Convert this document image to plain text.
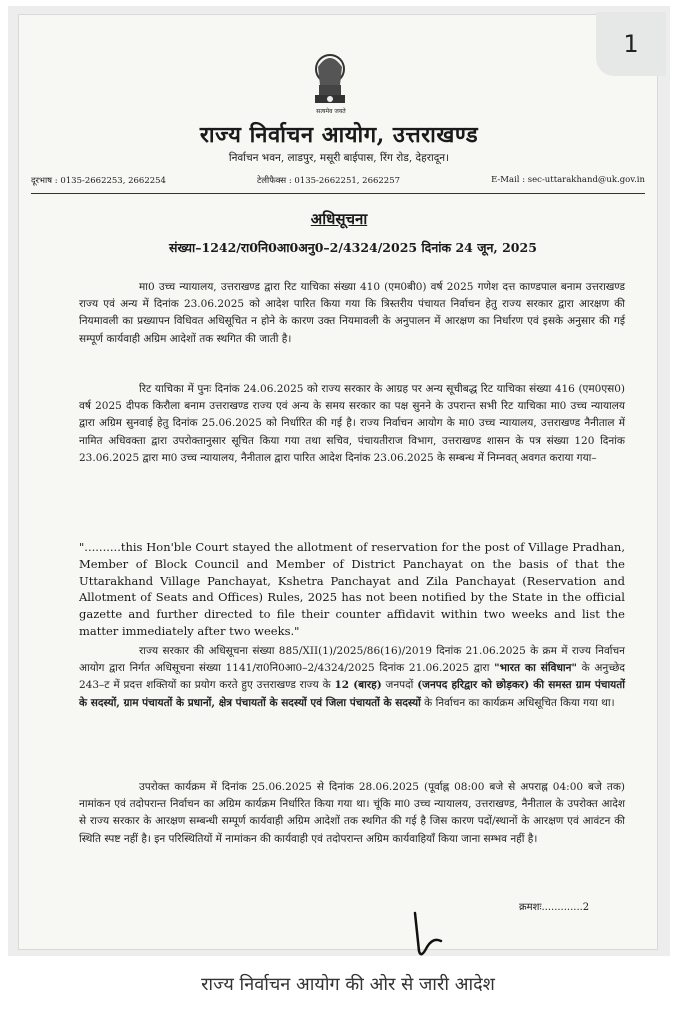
सत्यमेव जयते
राज्य निर्वाचन आयोग, उत्तराखण्ड
निर्वाचन भवन, लाडपुर, मसूरी बाईपास, रिंग रोड, देहरादून।
दूरभाष : 0135-2662253, 2662254	टेलीफैक्स : 0135-2662251, 2662257	E-Mail : sec-uttarakhand@uk.gov.in
अधिसूचना
संख्या–1242/रा0नि0आ0अनु0–2/4324/2025 दिनांक 24 जून, 2025
मा0 उच्च न्यायालय, उत्तराखण्ड द्वारा रिट याचिका संख्या 410 (एम0बी0) वर्ष 2025 गणेश दत्त काण्डपाल बनाम उत्तराखण्ड राज्य एवं अन्य में दिनांक 23.06.2025 को आदेश पारित किया गया कि त्रिस्तरीय पंचायत निर्वाचन हेतु राज्य सरकार द्वारा आरक्षण की नियमावली का प्रख्यापन विधिवत अधिसूचित न होने के कारण उक्त नियमावली के अनुपालन में आरक्षण का निर्धारण एवं इसके अनुसार की गई सम्पूर्ण कार्यवाही अग्रिम आदेशों तक स्थगित की जाती है।
रिट याचिका में पुनः दिनांक 24.06.2025 को राज्य सरकार के आग्रह पर अन्य सूचीबद्ध रिट याचिका संख्या 416 (एम0एस0) वर्ष 2025 दीपक किरौला बनाम उत्तराखण्ड राज्य एवं अन्य के समय सरकार का पक्ष सुनने के उपरान्त सभी रिट याचिका मा0 उच्च न्यायालय द्वारा अग्रिम सुनवाई हेतु दिनांक 25.06.2025 को निर्धारित की गई है। राज्य निर्वाचन आयोग के मा0 उच्च न्यायालय, उत्तराखण्ड नैनीताल में नामित अधिवक्ता द्वारा उपरोक्तानुसार सूचित किया गया तथा सचिव, पंचायतीराज विभाग, उत्तराखण्ड शासन के पत्र संख्या 120 दिनांक 23.06.2025 द्वारा मा0 उच्च न्यायालय, नैनीताल द्वारा पारित आदेश दिनांक 23.06.2025 के सम्बन्ध में निम्नवत् अवगत कराया गया–
"..........this Hon'ble Court stayed the allotment of reservation for the post of Village Pradhan, Member of Block Council and Member of District Panchayat on the basis of that the Uttarakhand Village Panchayat, Kshetra Panchayat and Zila Panchayat (Reservation and Allotment of Seats and Offices) Rules, 2025 has not been notified by the State in the official gazette and further directed to file their counter affidavit within two weeks and list the matter immediately after two weeks."
राज्य सरकार की अधिसूचना संख्या 885/XII(1)/2025/86(16)/2019 दिनांक 21.06.2025 के क्रम में राज्य निर्वाचन आयोग द्वारा निर्गत अधिसूचना संख्या 1141/रा0नि0आ0–2/4324/2025 दिनांक 21.06.2025 द्वारा "भारत का संविधान" के अनुच्छेद 243–ट में प्रदत्त शक्तियों का प्रयोग करते हुए उत्तराखण्ड राज्य के 12 (बारह) जनपदों (जनपद हरिद्वार को छोड़कर) की समस्त ग्राम पंचायतों के सदस्यों, ग्राम पंचायतों के प्रधानों, क्षेत्र पंचायतों के सदस्यों एवं जिला पंचायतों के सदस्यों के निर्वाचन का कार्यक्रम अधिसूचित किया गया था।
उपरोक्त कार्यक्रम में दिनांक 25.06.2025 से दिनांक 28.06.2025 (पूर्वाह्न 08:00 बजे से अपराह्न 04:00 बजे तक) नामांकन एवं तदोपरान्त निर्वाचन का अग्रिम कार्यक्रम निर्धारित किया गया था। चूंकि मा0 उच्च न्यायालय, उत्तराखण्ड, नैनीताल के उपरोक्त आदेश से राज्य सरकार के आरक्षण सम्बन्धी सम्पूर्ण कार्यवाही अग्रिम आदेशों तक स्थगित की गई है जिस कारण पदों/स्थानों के आरक्षण एवं आवंटन की स्थिति स्पष्ट नहीं है। इन परिस्थितियों में नामांकन की कार्यवाही एवं तदोपरान्त अग्रिम कार्यवाहियाँ किया जाना सम्भव नहीं है।
क्रमशः.............2
1
राज्य निर्वाचन आयोग की ओर से जारी आदेश
